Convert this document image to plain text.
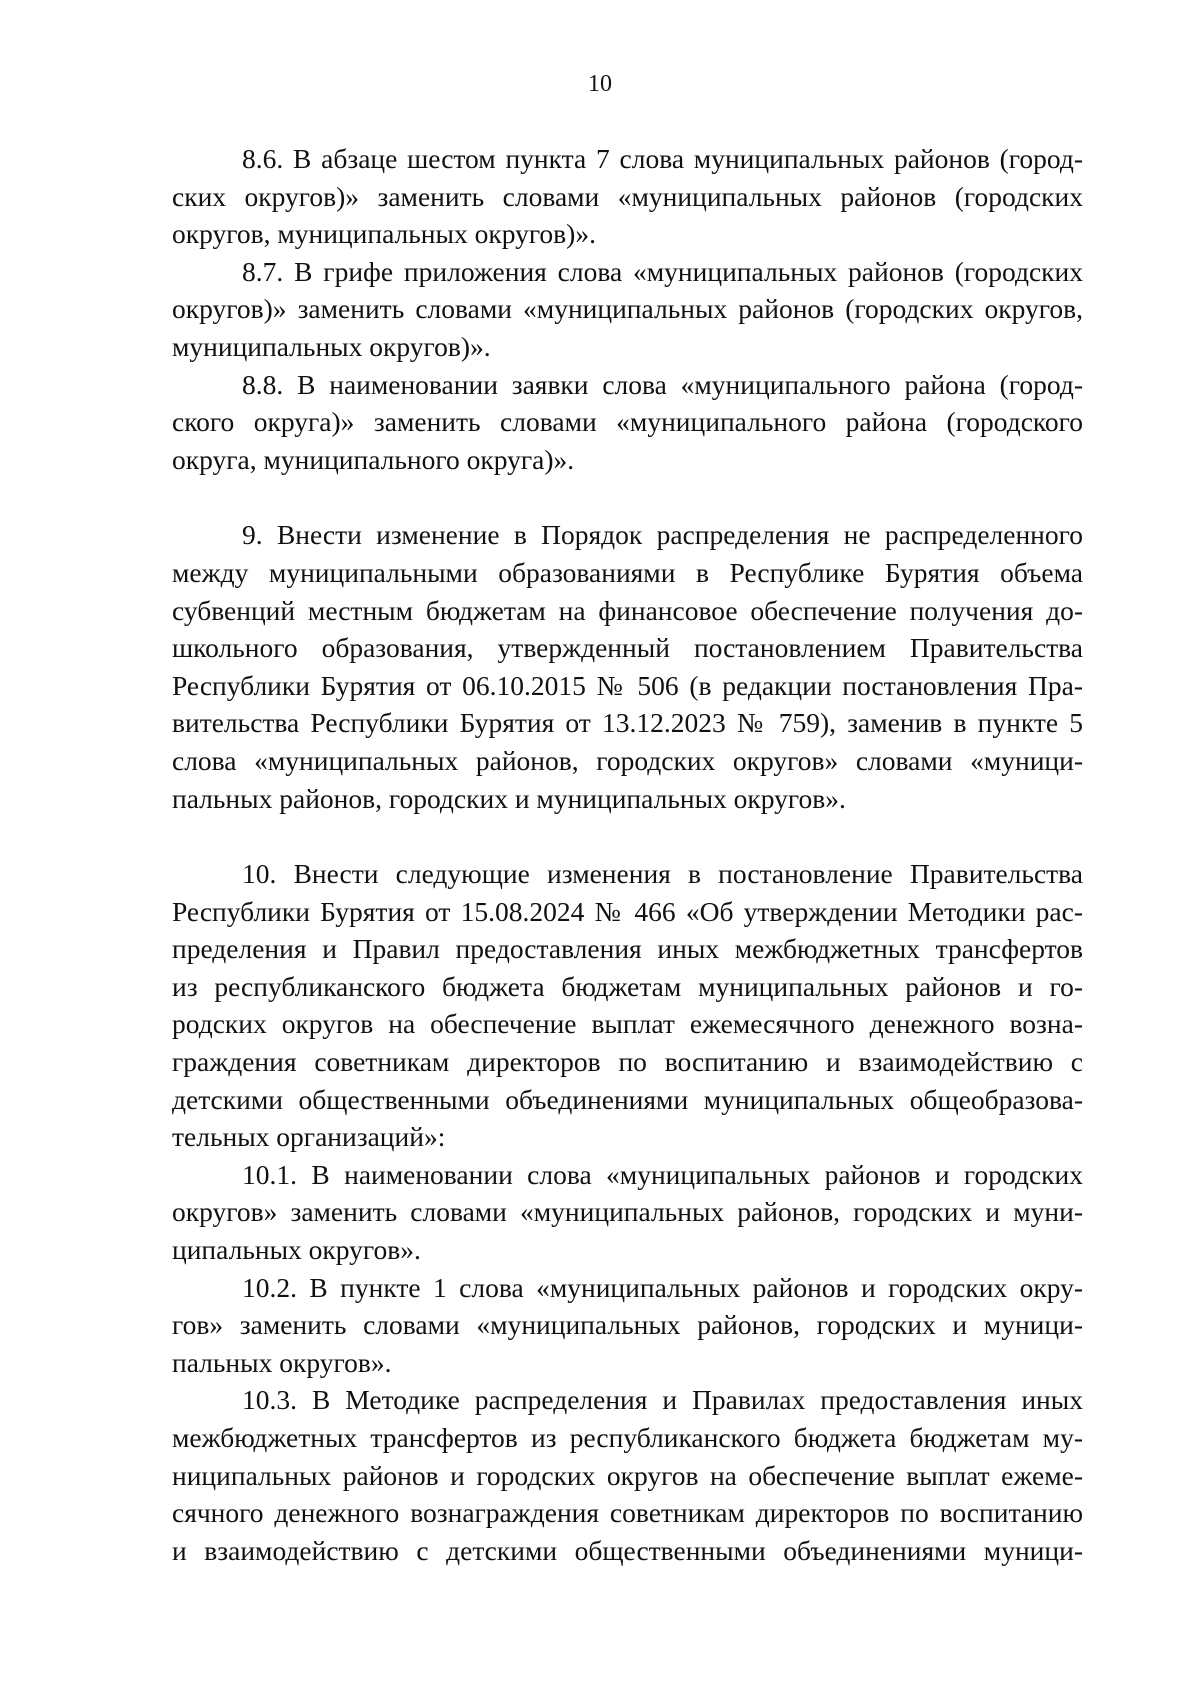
10
8.6. В абзаце шестом пункта 7 слова муниципальных районов (город-
ских округов)» заменить словами «муниципальных районов (городских
округов, муниципальных округов)».
8.7. В грифе приложения слова «муниципальных районов (городских
округов)» заменить словами «муниципальных районов (городских округов,
муниципальных округов)».
8.8. В наименовании заявки слова «муниципального района (город-
ского округа)» заменить словами «муниципального района (городского
округа, муниципального округа)».
9. Внести изменение в Порядок распределения не распределенного
между муниципальными образованиями в Республике Бурятия объема
субвенций местным бюджетам на финансовое обеспечение получения до-
школьного образования, утвержденный постановлением Правительства
Республики Бурятия от 06.10.2015 № 506 (в редакции постановления Пра-
вительства Республики Бурятия от 13.12.2023 № 759), заменив в пункте 5
слова «муниципальных районов, городских округов» словами «муници-
пальных районов, городских и муниципальных округов».
10. Внести следующие изменения в постановление Правительства
Республики Бурятия от 15.08.2024 № 466 «Об утверждении Методики рас-
пределения и Правил предоставления иных межбюджетных трансфертов
из республиканского бюджета бюджетам муниципальных районов и го-
родских округов на обеспечение выплат ежемесячного денежного возна-
граждения советникам директоров по воспитанию и взаимодействию с
детскими общественными объединениями муниципальных общеобразова-
тельных организаций»:
10.1. В наименовании слова «муниципальных районов и городских
округов» заменить словами «муниципальных районов, городских и муни-
ципальных округов».
10.2. В пункте 1 слова «муниципальных районов и городских окру-
гов» заменить словами «муниципальных районов, городских и муници-
пальных округов».
10.3. В Методике распределения и Правилах предоставления иных
межбюджетных трансфертов из республиканского бюджета бюджетам му-
ниципальных районов и городских округов на обеспечение выплат ежеме-
сячного денежного вознаграждения советникам директоров по воспитанию
и взаимодействию с детскими общественными объединениями муници-
